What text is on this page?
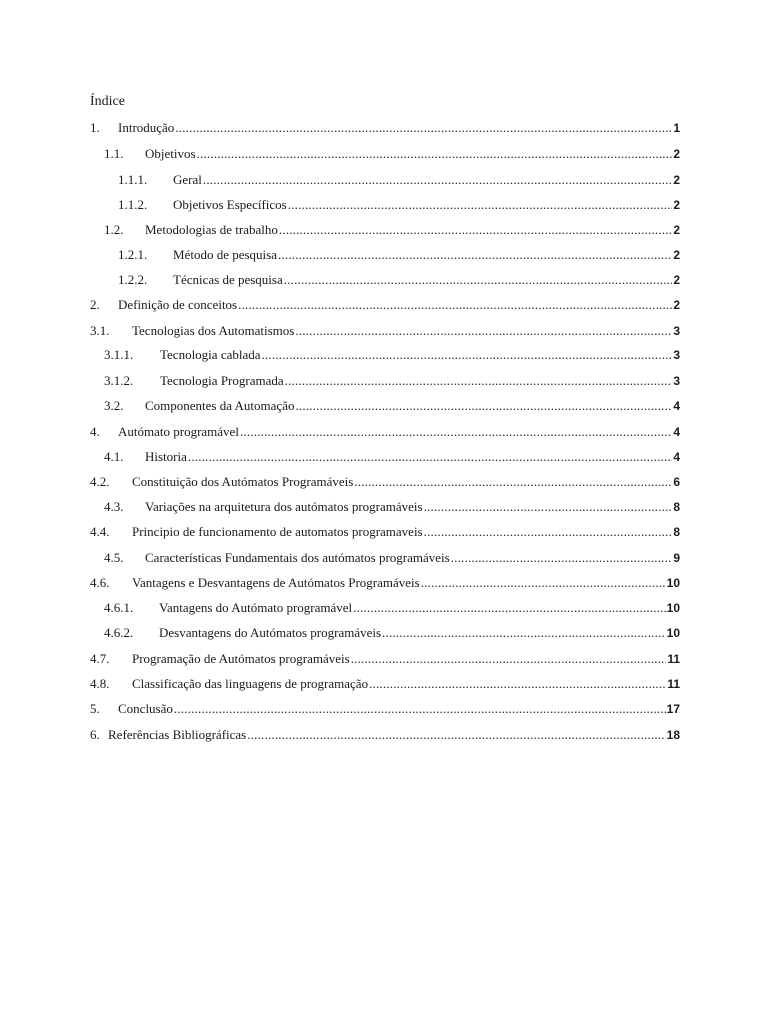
Índice
1.	Introdução .....	1
1.1.	Objetivos .....	2
1.1.1.	Geral .....	2
1.1.2.	Objetivos Específicos .....	2
1.2.	Metodologias de trabalho .....	2
1.2.1.	Método de pesquisa .....	2
1.2.2.	Técnicas de pesquisa .....	2
2.	Definição de conceitos .....	2
3.1.	Tecnologias dos Automatismos .....	3
3.1.1.	Tecnologia cablada .....	3
3.1.2.	Tecnologia Programada .....	3
3.2.	Componentes da Automação .....	4
4.	Autómato programável .....	4
4.1.	Historia .....	4
4.2.	Constituição dos Autómatos Programáveis .....	6
4.3.	Variações na arquitetura dos autómatos programáveis .....	8
4.4.	Principio de funcionamento de automatos programaveis .....	8
4.5.	Características Fundamentais dos autómatos programáveis .....	9
4.6.	Vantagens e Desvantagens de Autómatos Programáveis .....	10
4.6.1.	Vantagens do Autómato programável .....	10
4.6.2.	Desvantagens do Autómatos programáveis .....	10
4.7.	Programação de Autómatos programáveis .....	11
4.8.	Classificação das linguagens de programação .....	11
5.	Conclusão .....	17
6. Referências Bibliográficas .....	18
